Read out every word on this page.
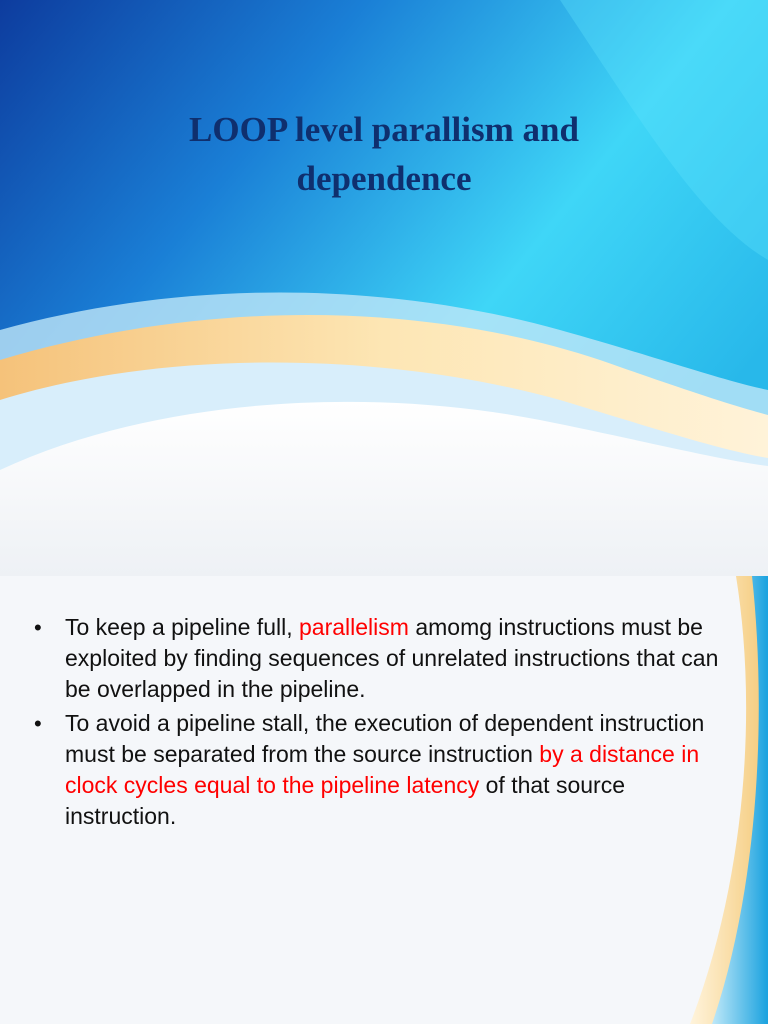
LOOP level parallism and
dependence
• To keep a pipeline full, parallelism amomg instructions must be exploited by finding sequences of unrelated instructions that can be overlapped in the pipeline.
• To avoid a pipeline stall, the execution of dependent instruction must be separated from the source instruction by a distance in clock cycles equal to the pipeline latency of that source instruction.
